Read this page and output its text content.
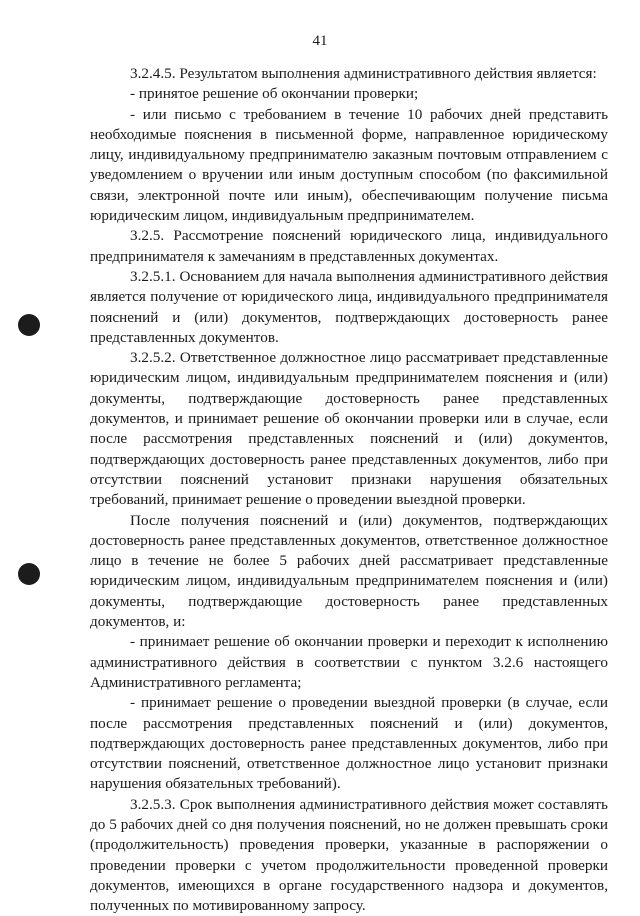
41

3.2.4.5. Результатом выполнения административного действия является:

- принятое решение об окончании проверки;

- или письмо с требованием в течение 10 рабочих дней представить необходимые пояснения в письменной форме, направленное юридическому лицу, индивидуальному предпринимателю заказным почтовым отправлением с уведомлением о вручении или иным доступным способом (по факсимильной связи, электронной почте или иным), обеспечивающим получение письма юридическим лицом, индивидуальным предпринимателем.

3.2.5. Рассмотрение пояснений юридического лица, индивидуального предпринимателя к замечаниям в представленных документах.

3.2.5.1. Основанием для начала выполнения административного действия является получение от юридического лица, индивидуального предпринимателя пояснений и (или) документов, подтверждающих достоверность ранее представленных документов.

3.2.5.2. Ответственное должностное лицо рассматривает представленные юридическим лицом, индивидуальным предпринимателем пояснения и (или) документы, подтверждающие достоверность ранее представленных документов, и принимает решение об окончании проверки или в случае, если после рассмотрения представленных пояснений и (или) документов, подтверждающих достоверность ранее представленных документов, либо при отсутствии пояснений установит признаки нарушения обязательных требований, принимает решение о проведении выездной проверки.

После получения пояснений и (или) документов, подтверждающих достоверность ранее представленных документов, ответственное должностное лицо в течение не более 5 рабочих дней рассматривает представленные юридическим лицом, индивидуальным предпринимателем пояснения и (или) документы, подтверждающие достоверность ранее представленных документов, и:

- принимает решение об окончании проверки и переходит к исполнению административного действия в соответствии с пунктом 3.2.6 настоящего Административного регламента;

- принимает решение о проведении выездной проверки (в случае, если после рассмотрения представленных пояснений и (или) документов, подтверждающих достоверность ранее представленных документов, либо при отсутствии пояснений, ответственное должностное лицо установит признаки нарушения обязательных требований).

3.2.5.3. Срок выполнения административного действия может составлять до 5 рабочих дней со дня получения пояснений, но не должен превышать сроки (продолжительность) проведения проверки, указанные в распоряжении о проведении проверки с учетом продолжительности проведенной проверки документов, имеющихся в органе государственного надзора и документов, полученных по мотивированному запросу.
